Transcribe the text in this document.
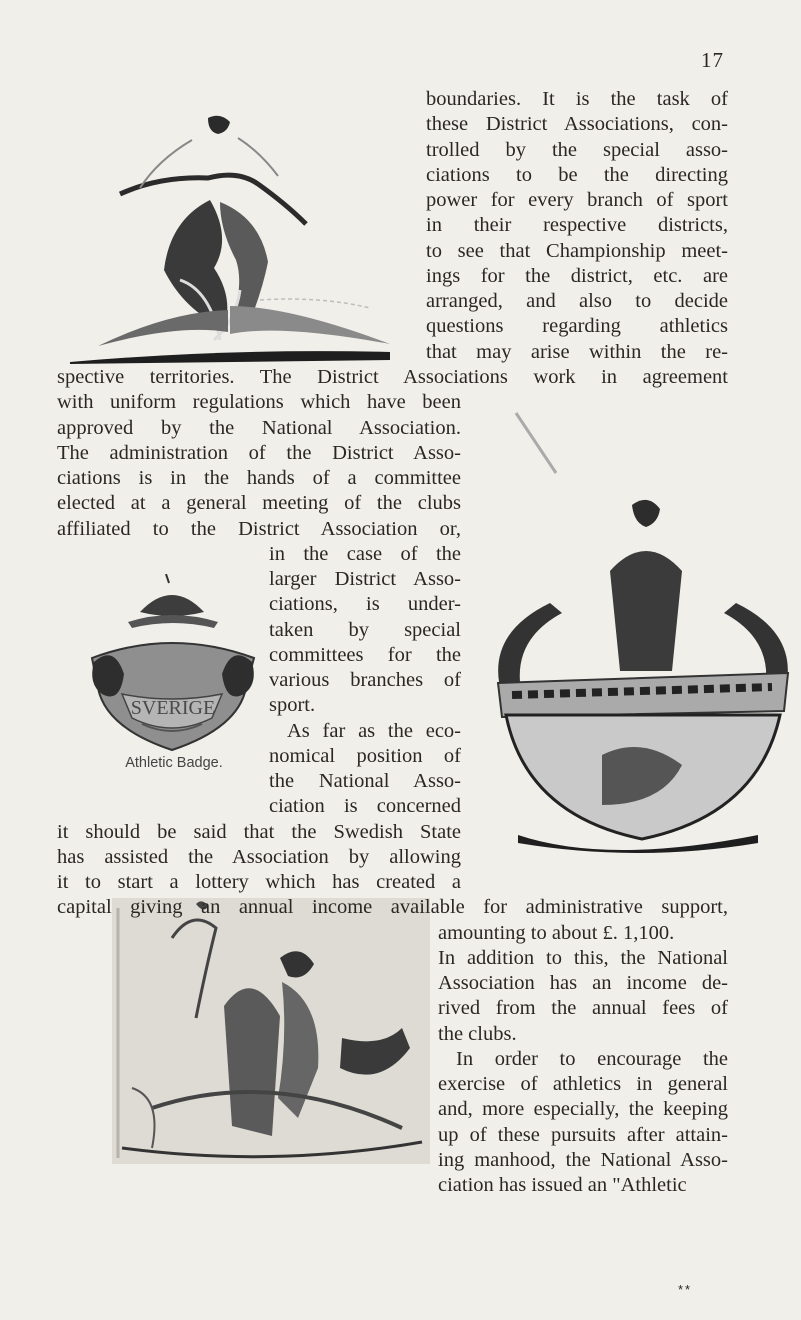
17
SVERIGE
Athletic Badge.
boundaries. It is the task of
these District Associations, con-
trolled by the special asso-
ciations to be the directing
power for every branch of sport
in their respective districts,
to see that Championship meet-
ings for the district, etc. are
arranged, and also to decide
questions regarding athletics
that may arise within the re-
spective territories. The District Associations work in agreement
with uniform regulations which have been
approved by the National Association.
The administration of the District Asso-
ciations is in the hands of a committee
elected at a general meeting of the clubs
affiliated to the District Association or,
in the case of the
larger District Asso-
ciations, is under-
taken by special
committees for the
various branches of
sport.
As far as the eco-
nomical position of
the National Asso-
ciation is concerned
it should be said that the Swedish State
has assisted the Association by allowing
it to start a lottery which has created a
capital giving an annual income available for administrative support,
amounting to about £. 1,100.
In addition to this, the National
Association has an income de-
rived from the annual fees of
the clubs.
In order to encourage the
exercise of athletics in general
and, more especially, the keeping
up of these pursuits after attain-
ing manhood, the National Asso-
ciation has issued an "Athletic
**
